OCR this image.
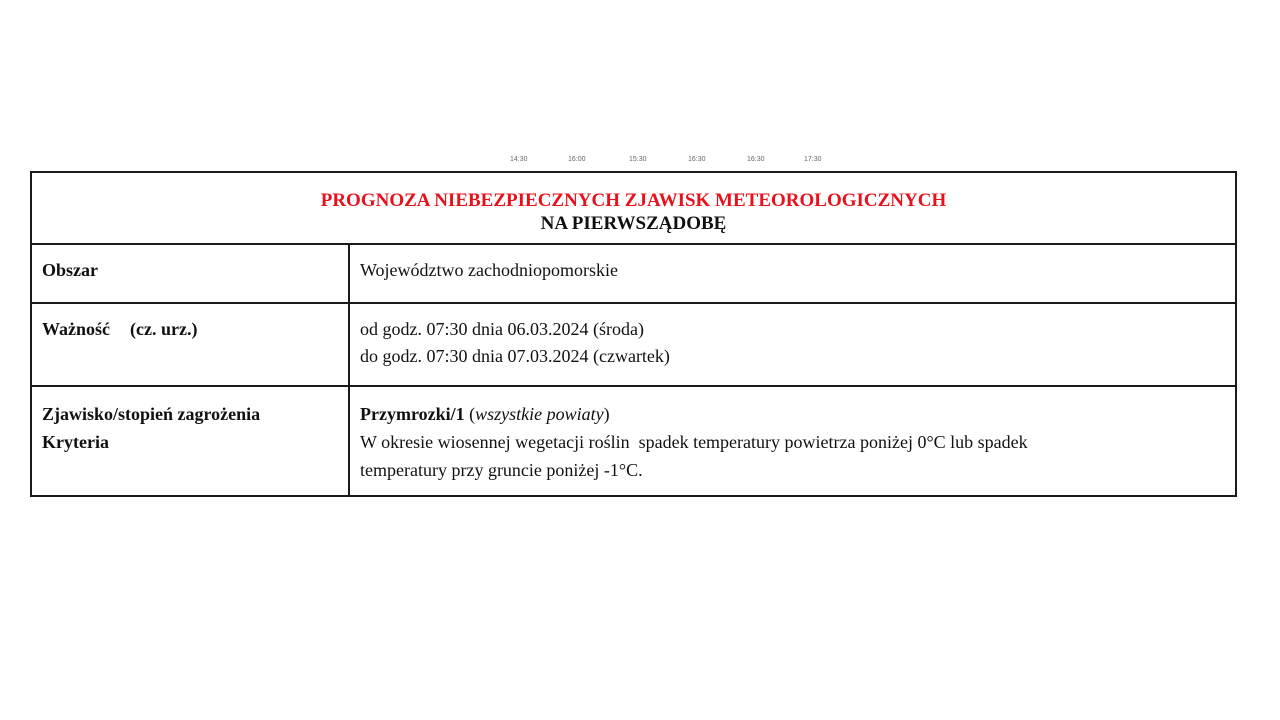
14:30	16:00	15:30	16:30	16:30	17:30
PROGNOZA NIEBEZPIECZNYCH ZJAWISK METEOROLOGICZNYCH
NA PIERWSZĄDOBĘ	

Obszar	Województwo zachodniopomorskie
Ważność (cz. urz.)	od godz. 07:30 dnia 06.03.2024 (środa)
do godz. 07:30 dnia 07.03.2024 (czwartek)

Zjawisko/stopień zagrożenia
Kryteria	Przymrozki/1 (wszystkie powiaty)
W okresie wiosennej wegetacji roślin  spadek temperatury powietrza poniżej 0°C lub spadek
temperatury przy gruncie poniżej -1°C.
